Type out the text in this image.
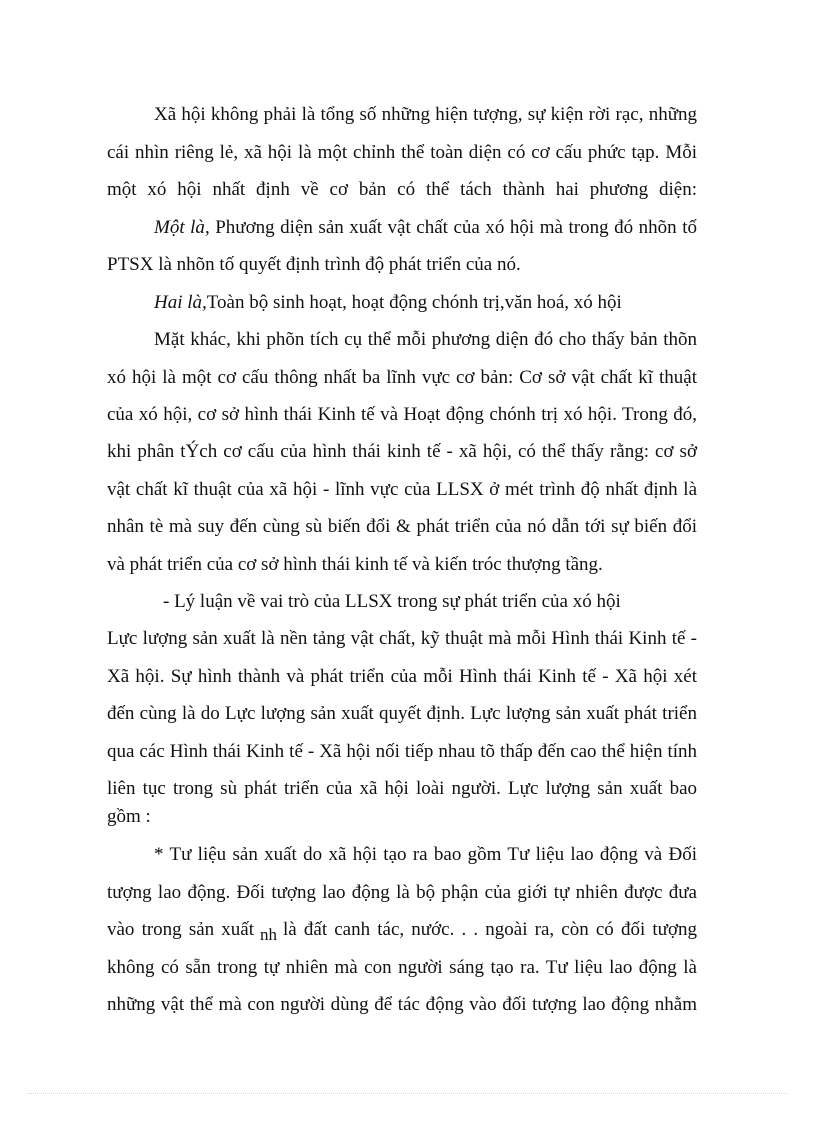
Xã hội không phải là tổng số những hiện tượng, sự kiện rời rạc, những
cái nhìn riêng lẻ, xã hội là một chỉnh thể toàn diện có cơ cấu phức tạp. Mỗi
một xó hội nhất định về cơ bản có thể tách thành hai phương diện:
Một là, Phương diện sản xuất vật chất của xó hội mà trong đó nhõn tố
PTSX là nhõn tố quyết định trình độ phát triển của nó.
Hai là,Toàn bộ sinh hoạt, hoạt động chónh trị,văn hoá, xó hội
Mặt khác, khi phõn tích cụ thể mỗi phương diện đó cho thấy bản thõn
xó hội là một cơ cấu thông nhất ba lĩnh vực cơ bản: Cơ sở vật chất kĩ thuật
của xó hội, cơ sở hình thái Kinh tế và Hoạt động chónh trị xó hội. Trong đó,
khi phân tÝch cơ cấu của hình thái kinh tế - xã hội, có thể thấy rằng: cơ sở
vật chất kĩ thuật của xã hội - lĩnh vực của LLSX ở mét trình độ nhất định là
nhân tè mà suy đến cùng sù biến đổi & phát triển của nó dẫn tới sự biến đổi
và phát triển của cơ sở hình thái kinh tế và kiến tróc thượng tầng.
- Lý luận về vai trò của LLSX trong sự phát triển của xó hội
Lực lượng sản xuất là nền tảng vật chất, kỹ thuật mà mỗi Hình thái Kinh tế -
Xã hội. Sự hình thành và phát triển của mỗi Hình thái Kinh tế - Xã hội xét
đến cùng là do Lực lượng sản xuất quyết định. Lực lượng sản xuất phát triển
qua các Hình thái Kinh tế - Xã hội nối tiếp nhau tõ thấp đến cao thể hiện tính
liên tục trong sù phát triển của xã hội loài người. Lực lượng sản xuất bao
gồm :
* Tư liệu sản xuất do xã hội tạo ra bao gồm Tư liệu lao động và Đối
tượng lao động. Đối tượng lao động là bộ phận của giới tự nhiên được đưa
vào trong sản xuất nh là đất canh tác, nước. . . ngoài ra, còn có đối tượng
không có sẵn trong tự nhiên mà con người sáng tạo ra. Tư liệu lao động là
những vật thể mà con người dùng để tác động vào đối tượng lao động nhằm
